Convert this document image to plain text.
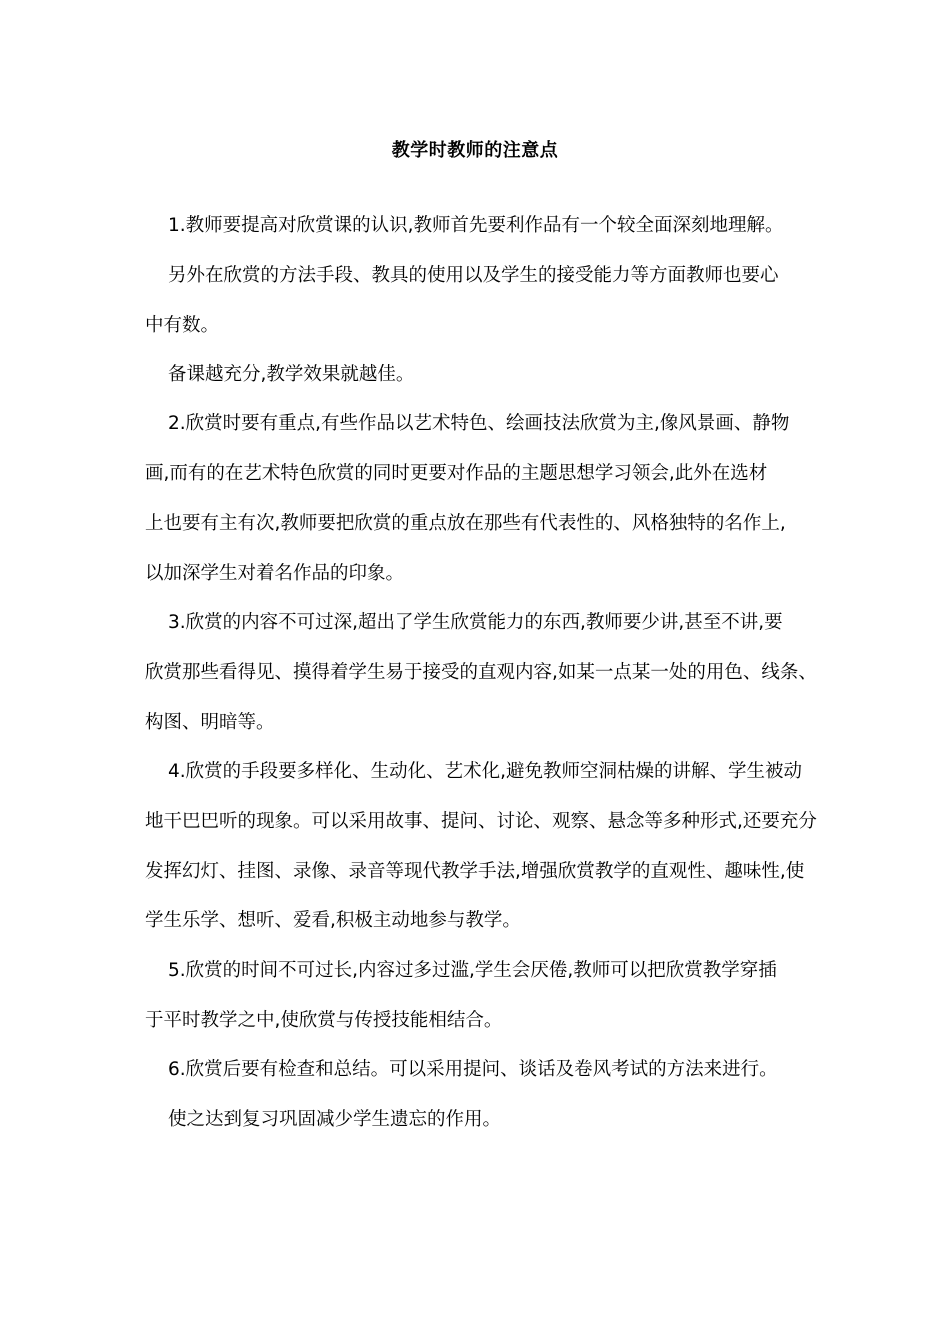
教学时教师的注意点
1.教师要提高对欣赏课的认识,教师首先要利作品有一个较全面深刻地理解。
另外在欣赏的方法手段、教具的使用以及学生的接受能力等方面教师也要心
中有数。
备课越充分,教学效果就越佳。
2.欣赏时要有重点,有些作品以艺术特色、绘画技法欣赏为主,像风景画、静物
画,而有的在艺术特色欣赏的同时更要对作品的主题思想学习领会,此外在选材
上也要有主有次,教师要把欣赏的重点放在那些有代表性的、风格独特的名作上,
以加深学生对着名作品的印象。
3.欣赏的内容不可过深,超出了学生欣赏能力的东西,教师要少讲,甚至不讲,要
欣赏那些看得见、摸得着学生易于接受的直观内容,如某一点某一处的用色、线条、
构图、明暗等。
4.欣赏的手段要多样化、生动化、艺术化,避免教师空洞枯燥的讲解、学生被动
地干巴巴听的现象。可以采用故事、提问、讨论、观察、悬念等多种形式,还要充分
发挥幻灯、挂图、录像、录音等现代教学手法,增强欣赏教学的直观性、趣味性,使
学生乐学、想听、爱看,积极主动地参与教学。
5.欣赏的时间不可过长,内容过多过滥,学生会厌倦,教师可以把欣赏教学穿插
于平时教学之中,使欣赏与传授技能相结合。
6.欣赏后要有检查和总结。可以采用提问、谈话及卷风考试的方法来进行。
使之达到复习巩固减少学生遗忘的作用。
